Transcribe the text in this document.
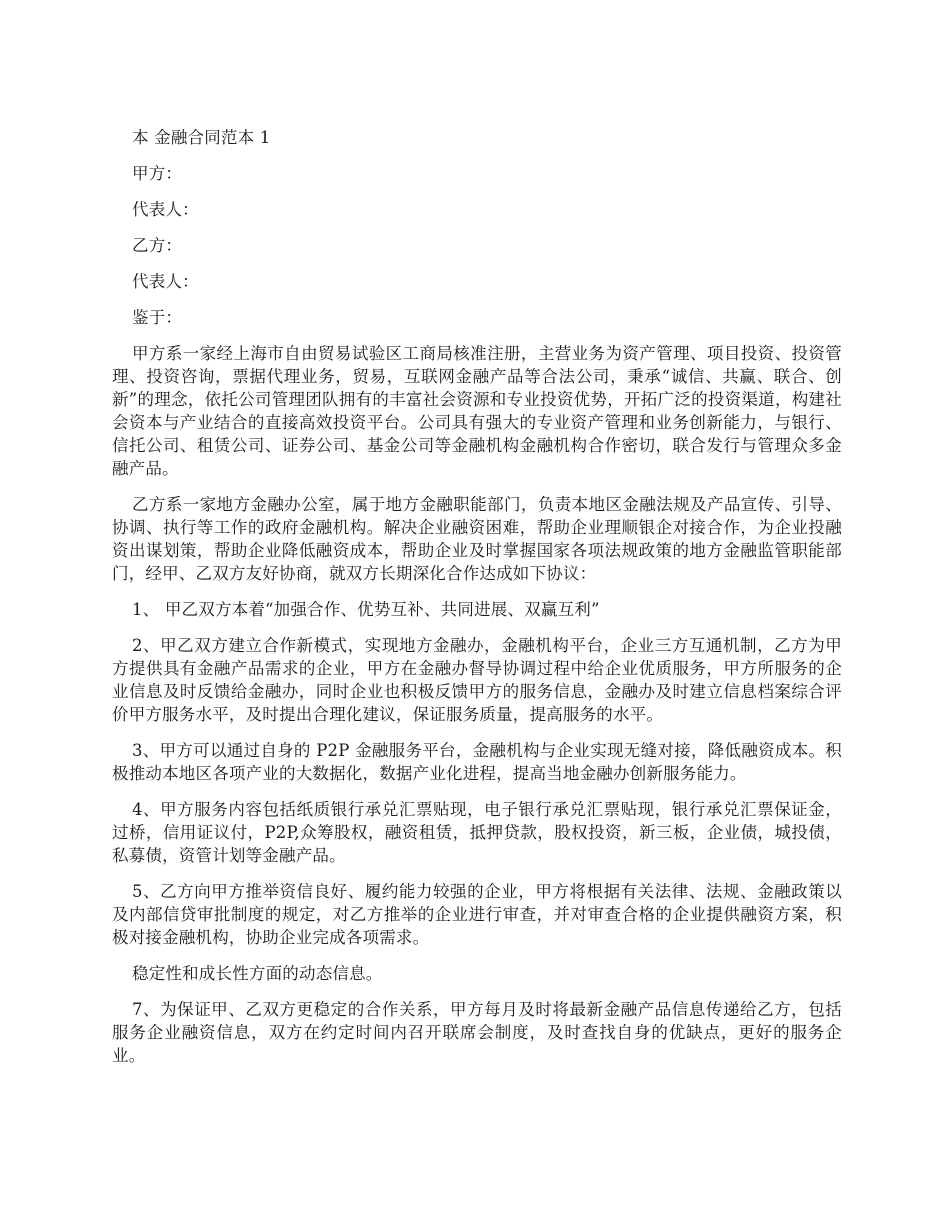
本 金融合同范本 1
甲方：
代表人：
乙方：
代表人：
鉴于：

甲方系一家经上海市自由贸易试验区工商局核准注册，主营业务为资产管理、项目投资、投资管理、投资咨询，票据代理业务，贸易，互联网金融产品等合法公司，秉承“诚信、共赢、联合、创新”的理念，依托公司管理团队拥有的丰富社会资源和专业投资优势，开拓广泛的投资渠道，构建社会资本与产业结合的直接高效投资平台。公司具有强大的专业资产管理和业务创新能力，与银行、信托公司、租赁公司、证券公司、基金公司等金融机构金融机构合作密切，联合发行与管理众多金融产品。

乙方系一家地方金融办公室，属于地方金融职能部门，负责本地区金融法规及产品宣传、引导、协调、执行等工作的政府金融机构。解决企业融资困难，帮助企业理顺银企对接合作，为企业投融资出谋划策，帮助企业降低融资成本，帮助企业及时掌握国家各项法规政策的地方金融监管职能部门，经甲、乙双方友好协商，就双方长期深化合作达成如下协议：

1、 甲乙双方本着“加强合作、优势互补、共同进展、双赢互利”

2、甲乙双方建立合作新模式，实现地方金融办，金融机构平台，企业三方互通机制，乙方为甲方提供具有金融产品需求的企业，甲方在金融办督导协调过程中给企业优质服务，甲方所服务的企业信息及时反馈给金融办，同时企业也积极反馈甲方的服务信息，金融办及时建立信息档案综合评价甲方服务水平，及时提出合理化建议，保证服务质量，提高服务的水平。

3、甲方可以通过自身的 P2P 金融服务平台，金融机构与企业实现无缝对接，降低融资成本。积极推动本地区各项产业的大数据化，数据产业化进程，提高当地金融办创新服务能力。

4、甲方服务内容包括纸质银行承兑汇票贴现，电子银行承兑汇票贴现，银行承兑汇票保证金，过桥，信用证议付，P2P,众筹股权，融资租赁，抵押贷款，股权投资，新三板，企业债，城投债，私募债，资管计划等金融产品。

5、乙方向甲方推举资信良好、履约能力较强的企业，甲方将根据有关法律、法规、金融政策以及内部信贷审批制度的规定，对乙方推举的企业进行审查，并对审查合格的企业提供融资方案，积极对接金融机构，协助企业完成各项需求。

稳定性和成长性方面的动态信息。

7、为保证甲、乙双方更稳定的合作关系，甲方每月及时将最新金融产品信息传递给乙方，包括服务企业融资信息，双方在约定时间内召开联席会制度，及时查找自身的优缺点，更好的服务企业。
